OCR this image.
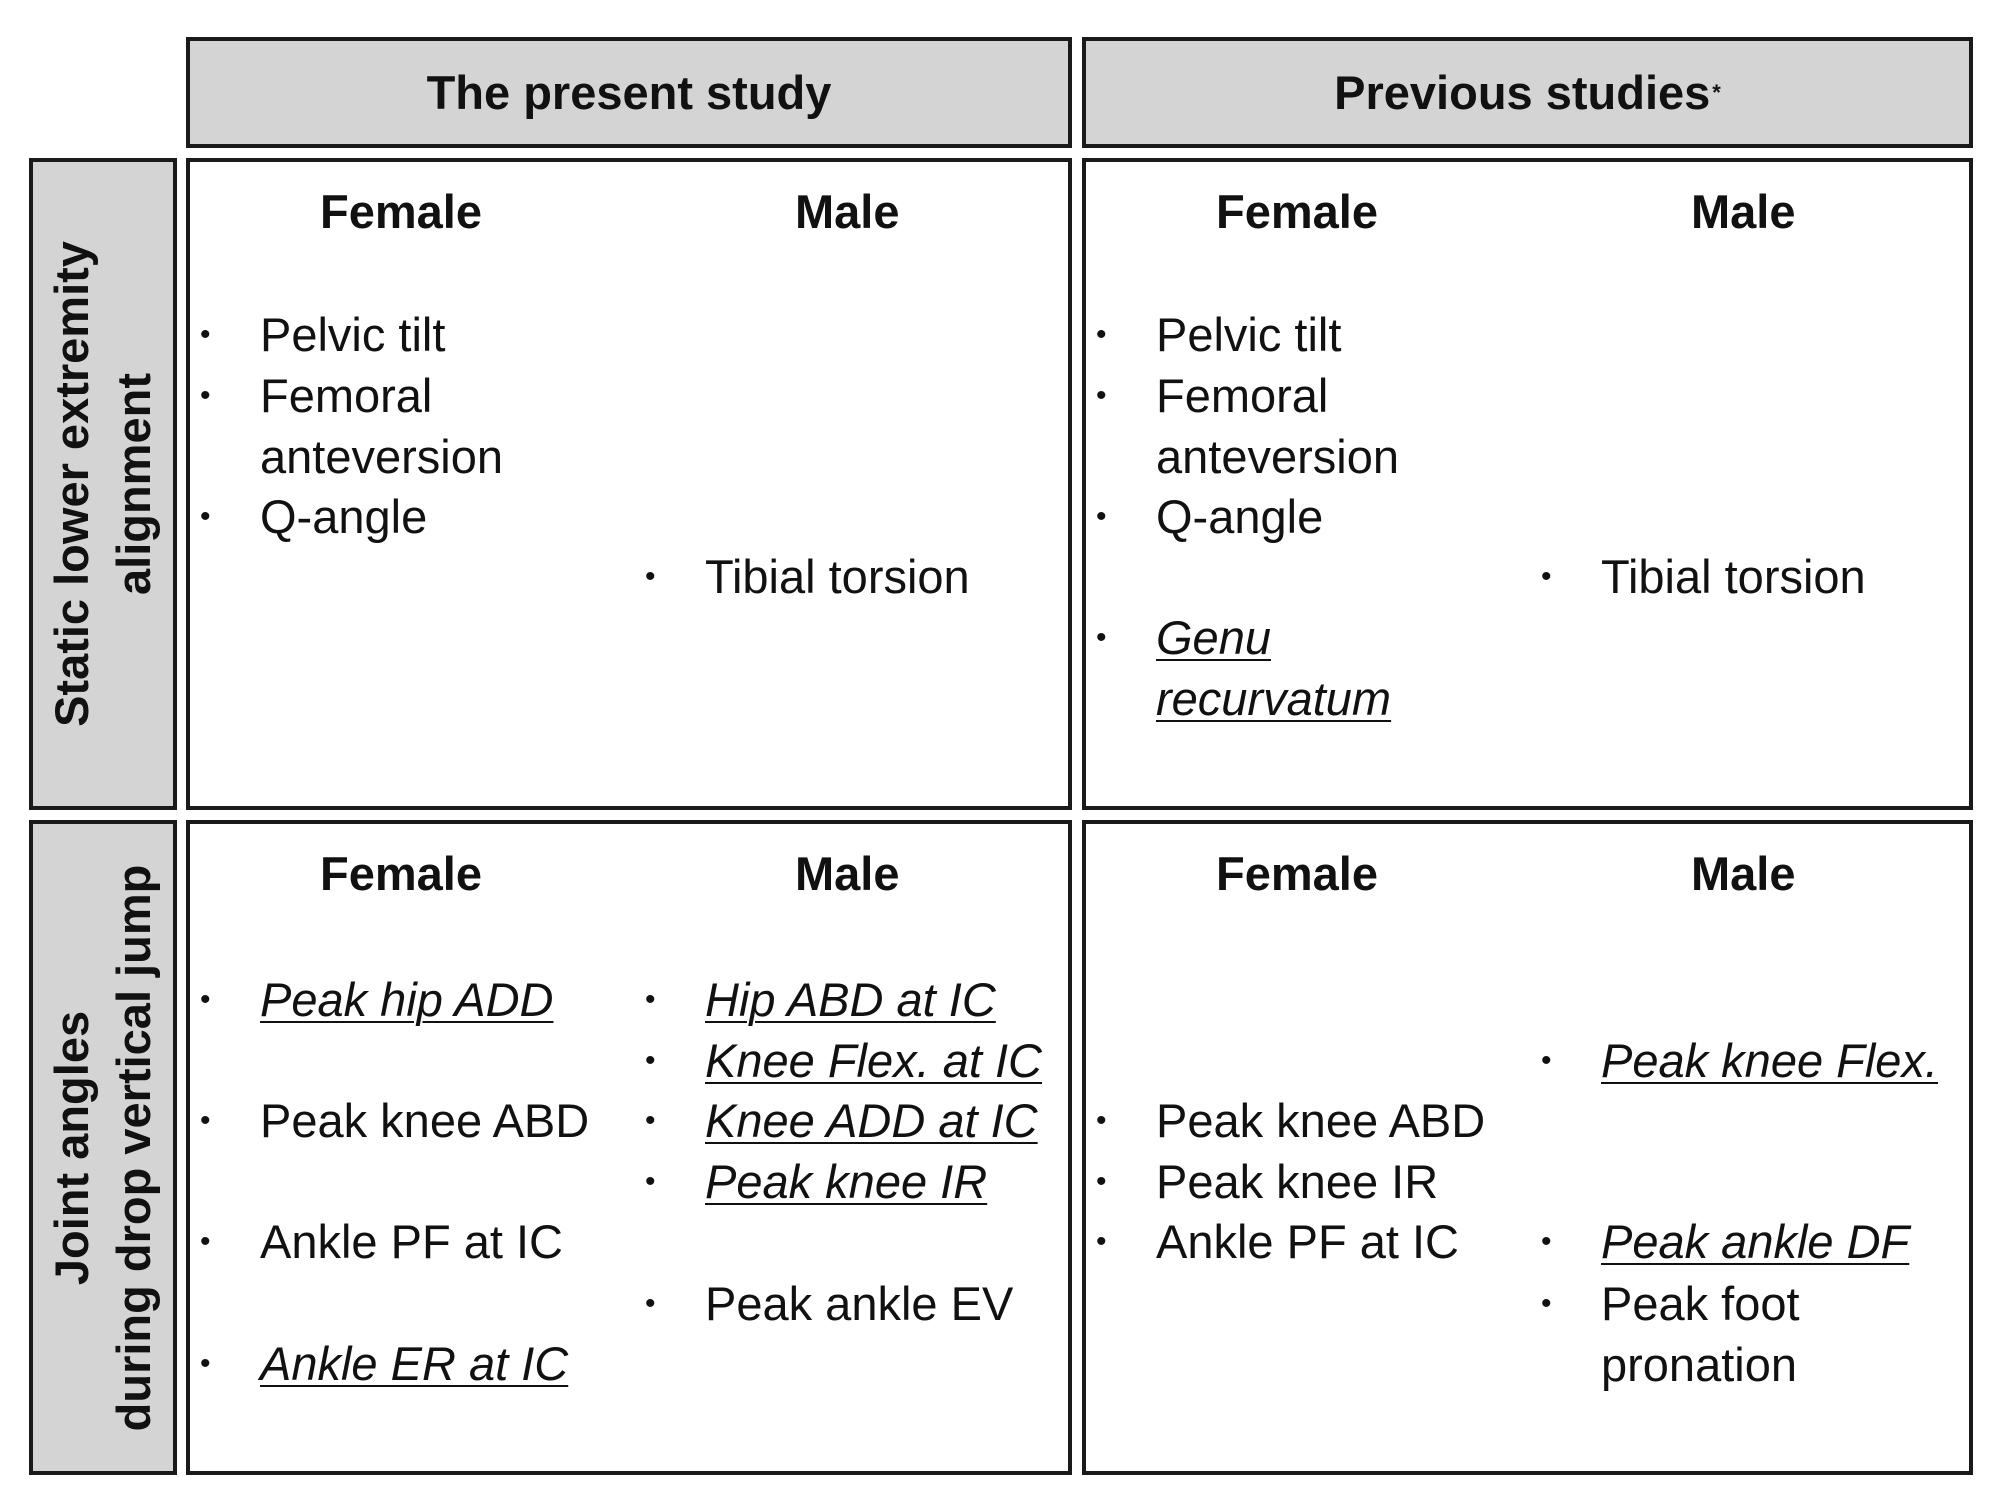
The present study	Previous studies *
Static lower extremity alignment
Joint angles during drop vertical jump
Female
• Pelvic tilt
• Femoral
anteversion
• Q-angle
Male
• Tibial torsion
Female
• Pelvic tilt
• Femoral
anteversion
• Q-angle
• Genu
recurvatum
Male
• Tibial torsion
Female
• Peak hip ADD
• Peak knee ABD
• Ankle PF at IC
• Ankle ER at IC
Male
• Hip ABD at IC
• Knee Flex. at IC
• Knee ADD at IC
• Peak knee IR
• Peak ankle EV
Female
• Peak knee ABD
• Peak knee IR
• Ankle PF at IC
Male
• Peak knee Flex.
• Peak ankle DF
• Peak foot
pronation
